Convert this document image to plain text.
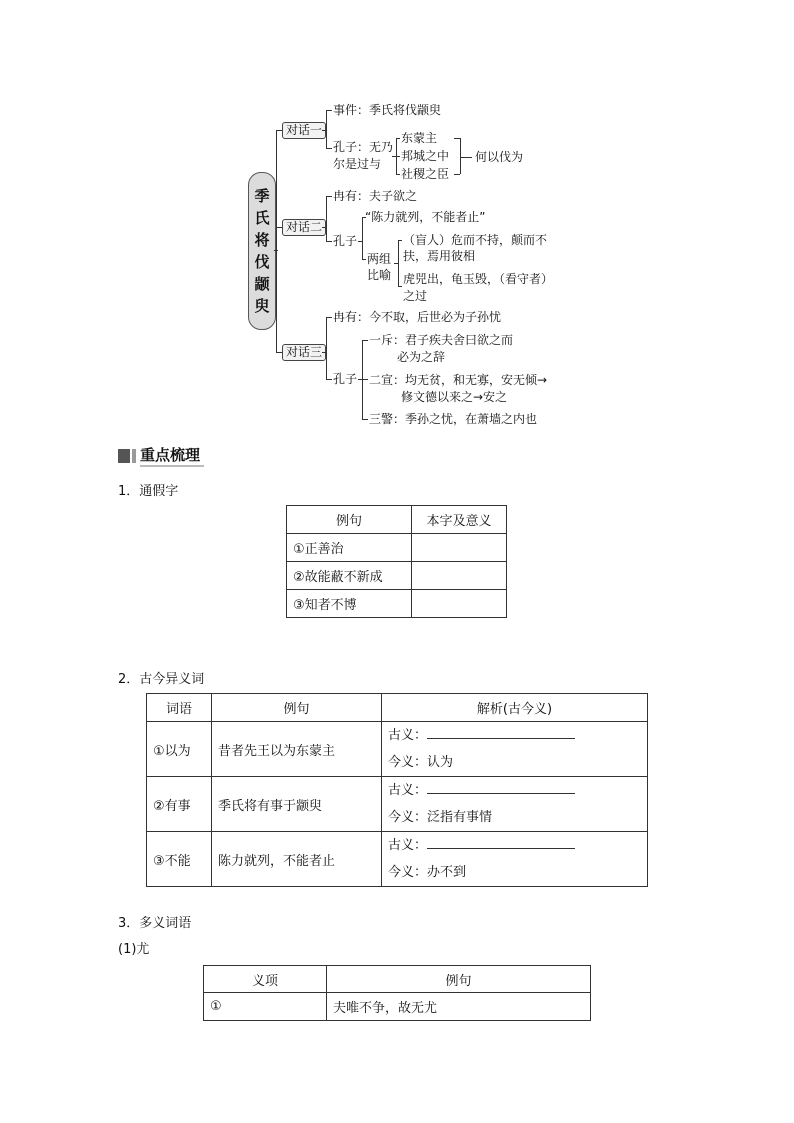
季
氏
将
伐
颛
臾
对话一
事件：季氏将伐颛臾
孔子：无乃
尔是过与
东蒙主
邦城之中
社稷之臣
何以伐为
对话二
冉有：夫子欲之
孔子
“陈力就列，不能者止”
两组
比喻
（盲人）危而不持，颠而不
扶，焉用彼相
虎兕出，龟玉毁，（看守者）
之过
对话三
冉有：今不取，后世必为子孙忧
孔子
一斥：君子疾夫舍曰欲之而
必为之辞
二宣：均无贫，和无寡，安无倾→
修文德以来之→安之
三警：季孙之忧，在萧墙之内也
重点梳理
1．通假字
例句	本字及意义
①正善治	
②故能蔽不新成	
③知者不博	
2．古今异义词
词语	例句	解析(古今义)
①以为	昔者先王以为东蒙主	古义：
今义：认为

②有事	季氏将有事于颛臾	古义：
今义：泛指有事情

③不能	陈力就列，不能者止	古义：
今义：办不到
3．多义词语
(1)尤
义项	例句
①	夫唯不争，故无尤
